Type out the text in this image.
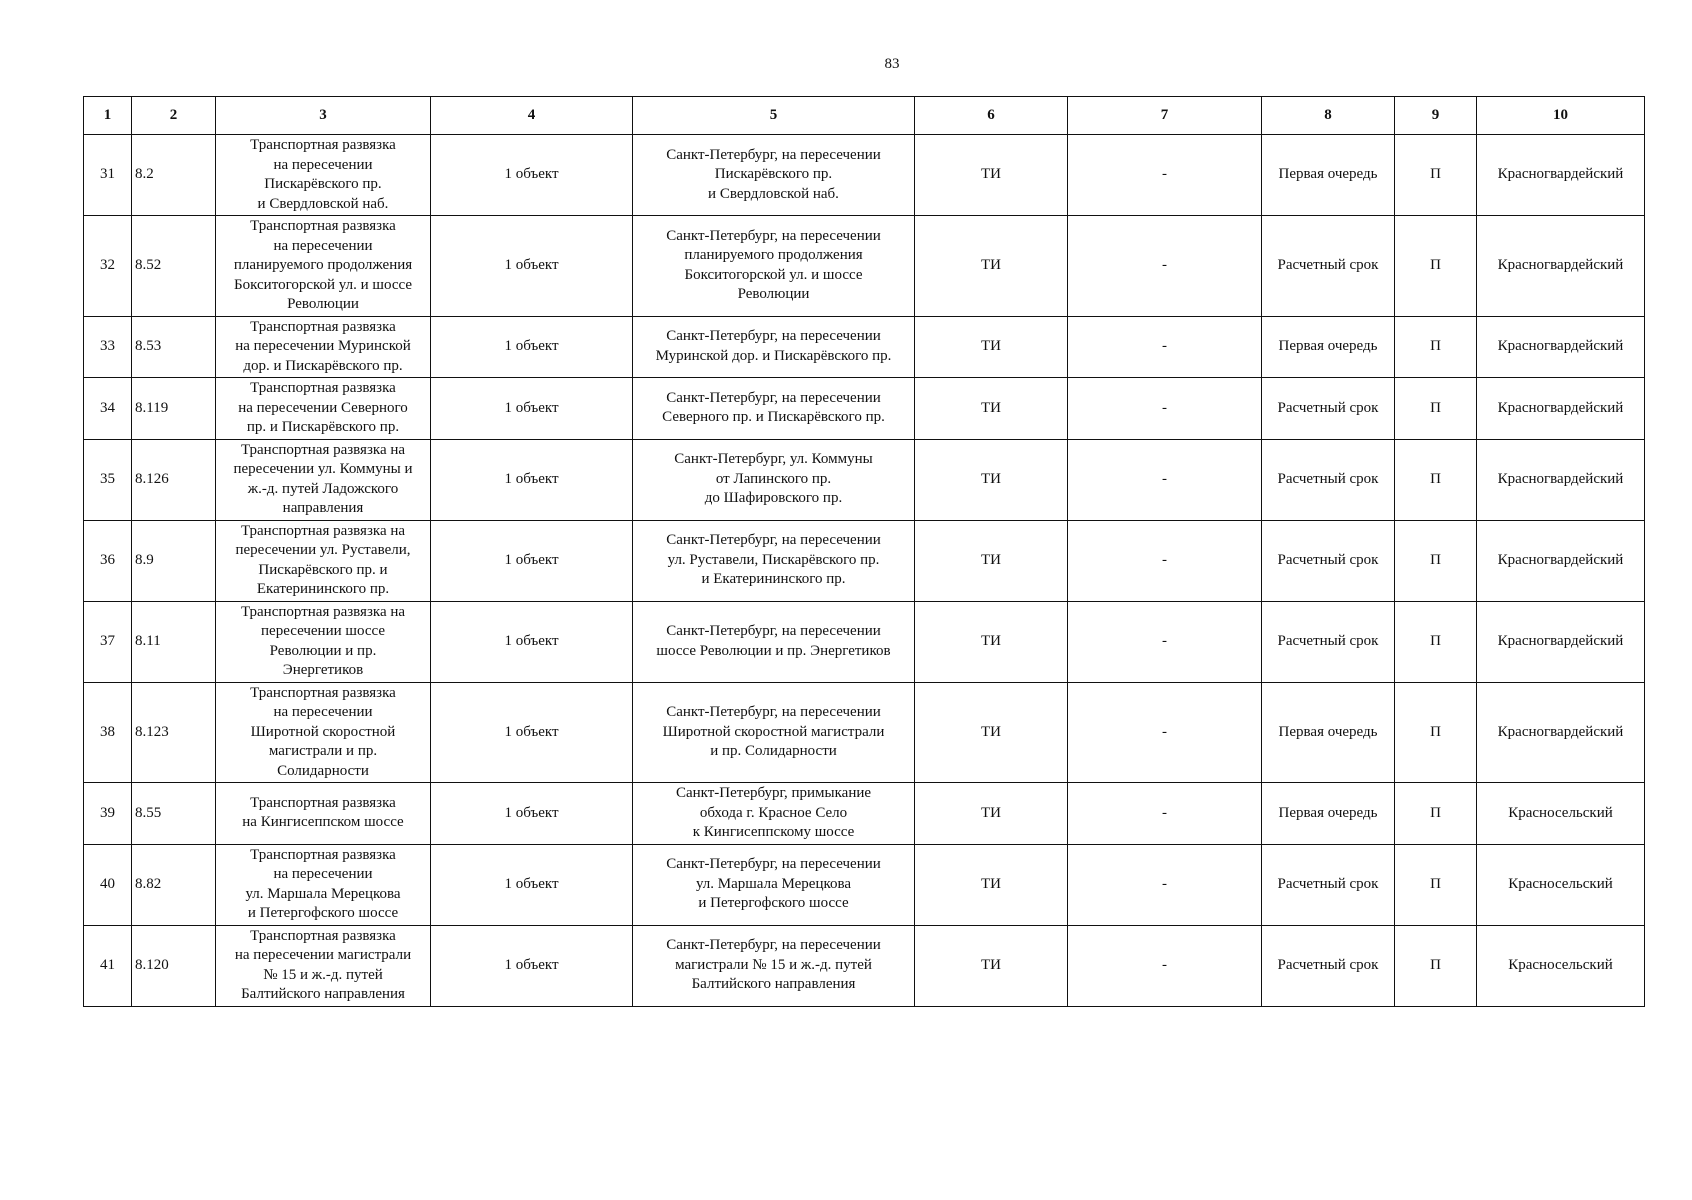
83
1	2	3	4	5	6	7	8	9	10
31	8.2	Транспортная развязка
на пересечении
Пискарёвского пр.
и Свердловской наб.	1 объект	Санкт-Петербург, на пересечении
Пискарёвского пр.
и Свердловской наб.	ТИ	-	Первая очередь	П	Красногвардейский
32	8.52	Транспортная развязка
на пересечении
планируемого продолжения
Бокситогорской ул. и шоссе
Революции	1 объект	Санкт-Петербург, на пересечении
планируемого продолжения
Бокситогорской ул. и шоссе
Революции	ТИ	-	Расчетный срок	П	Красногвардейский
33	8.53	Транспортная развязка
на пересечении Муринской
дор. и Пискарёвского пр.	1 объект	Санкт-Петербург, на пересечении
Муринской дор. и Пискарёвского пр.	ТИ	-	Первая очередь	П	Красногвардейский
34	8.119	Транспортная развязка
на пересечении Северного
пр. и Пискарёвского пр.	1 объект	Санкт-Петербург, на пересечении
Северного пр. и Пискарёвского пр.	ТИ	-	Расчетный срок	П	Красногвардейский
35	8.126	Транспортная развязка на
пересечении ул. Коммуны и
ж.-д. путей Ладожского
направления	1 объект	Санкт-Петербург, ул. Коммуны
от Лапинского пр.
до Шафировского пр.	ТИ	-	Расчетный срок	П	Красногвардейский
36	8.9	Транспортная развязка на
пересечении ул. Руставели,
Пискарёвского пр. и
Екатерининского пр.	1 объект	Санкт-Петербург, на пересечении
ул. Руставели, Пискарёвского пр.
и Екатерининского пр.	ТИ	-	Расчетный срок	П	Красногвардейский
37	8.11	Транспортная развязка на
пересечении шоссе
Революции и пр.
Энергетиков	1 объект	Санкт-Петербург, на пересечении
шоссе Революции и пр. Энергетиков	ТИ	-	Расчетный срок	П	Красногвардейский
38	8.123	Транспортная развязка
на пересечении
Широтной скоростной
магистрали и пр.
Солидарности	1 объект	Санкт-Петербург, на пересечении
Широтной скоростной магистрали
и пр. Солидарности	ТИ	-	Первая очередь	П	Красногвардейский
39	8.55	Транспортная развязка
на Кингисеппском шоссе	1 объект	Санкт-Петербург, примыкание
обхода г. Красное Село
к Кингисеппскому шоссе	ТИ	-	Первая очередь	П	Красносельский
40	8.82	Транспортная развязка
на пересечении
ул. Маршала Мерецкова
и Петергофского шоссе	1 объект	Санкт-Петербург, на пересечении
ул. Маршала Мерецкова
и Петергофского шоссе	ТИ	-	Расчетный срок	П	Красносельский
41	8.120	Транспортная развязка
на пересечении магистрали
№ 15 и ж.-д. путей
Балтийского направления	1 объект	Санкт-Петербург, на пересечении
магистрали № 15 и ж.-д. путей
Балтийского направления	ТИ	-	Расчетный срок	П	Красносельский
